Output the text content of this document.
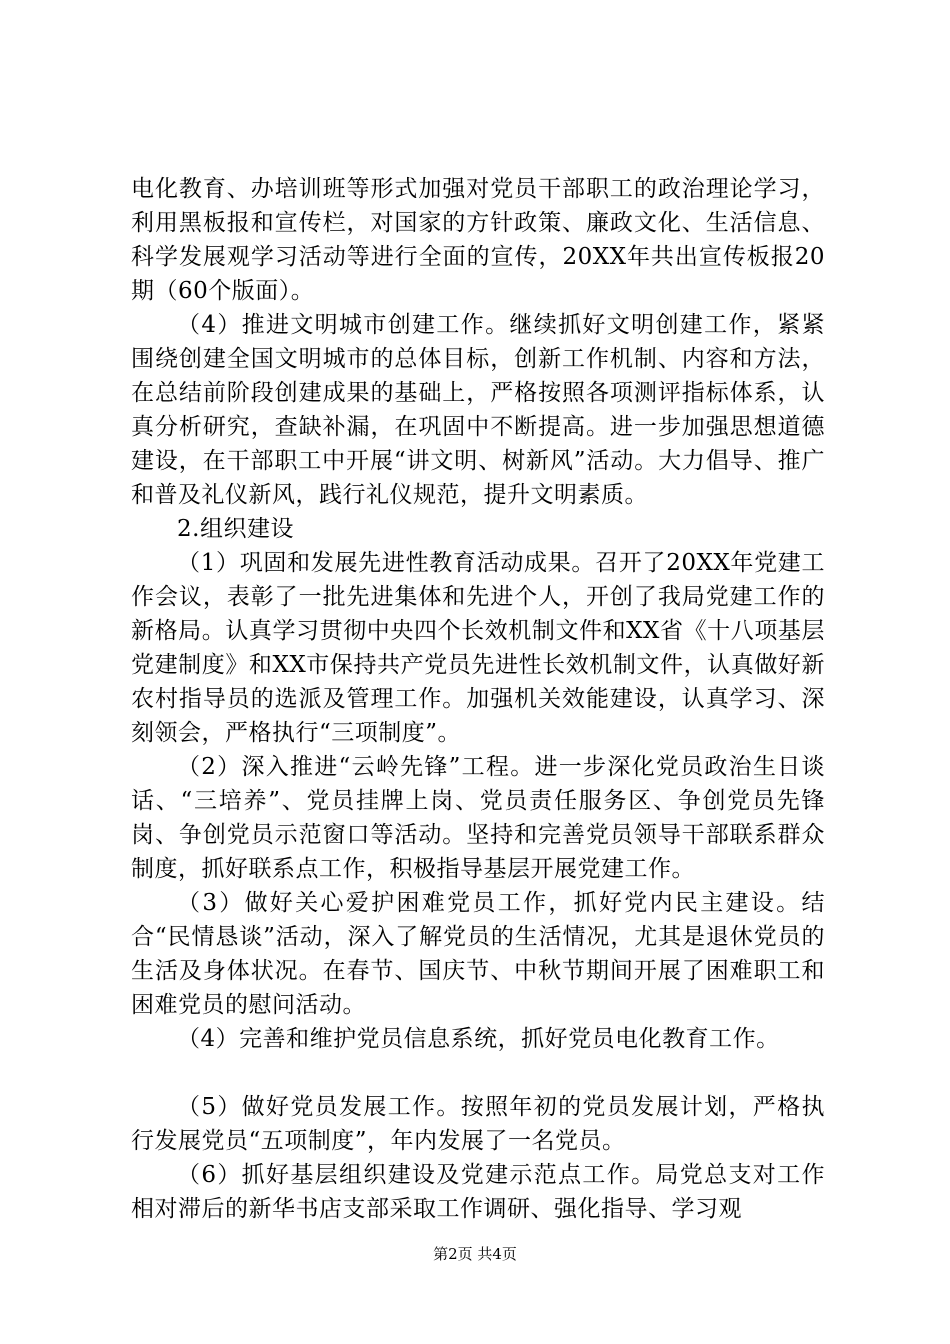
电化教育、办培训班等形式加强对党员干部职工的政治理论学习，利用黑板报和宣传栏，对国家的方针政策、廉政文化、生活信息、科学发展观学习活动等进行全面的宣传，20XX年共出宣传板报20期（60个版面）。

（4）推进文明城市创建工作。继续抓好文明创建工作，紧紧围绕创建全国文明城市的总体目标，创新工作机制、内容和方法，在总结前阶段创建成果的基础上，严格按照各项测评指标体系，认真分析研究，查缺补漏，在巩固中不断提高。进一步加强思想道德建设，在干部职工中开展“讲文明、树新风”活动。大力倡导、推广和普及礼仪新风，践行礼仪规范，提升文明素质。

2.组织建设

（1）巩固和发展先进性教育活动成果。召开了20XX年党建工作会议，表彰了一批先进集体和先进个人，开创了我局党建工作的新格局。认真学习贯彻中央四个长效机制文件和XX省《十八项基层党建制度》和XX市保持共产党员先进性长效机制文件，认真做好新农村指导员的选派及管理工作。加强机关效能建设，认真学习、深刻领会，严格执行“三项制度”。

（2）深入推进“云岭先锋”工程。进一步深化党员政治生日谈话、“三培养”、党员挂牌上岗、党员责任服务区、争创党员先锋岗、争创党员示范窗口等活动。坚持和完善党员领导干部联系群众制度，抓好联系点工作，积极指导基层开展党建工作。

（3）做好关心爱护困难党员工作，抓好党内民主建设。结合“民情恳谈”活动，深入了解党员的生活情况，尤其是退休党员的生活及身体状况。在春节、国庆节、中秋节期间开展了困难职工和困难党员的慰问活动。

（4）完善和维护党员信息系统，抓好党员电化教育工作。

（5）做好党员发展工作。按照年初的党员发展计划，严格执行发展党员“五项制度”，年内发展了一名党员。

（6）抓好基层组织建设及党建示范点工作。局党总支对工作相对滞后的新华书店支部采取工作调研、强化指导、学习观

第2页 共4页
